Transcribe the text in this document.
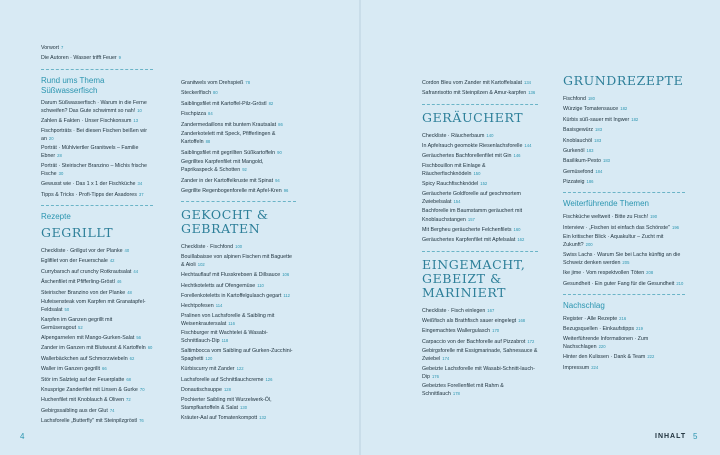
Vorwort 7
Die Autoren · Wasser trifft Feuer 9
Rund ums Thema Süßwasserfisch
Darum Süßwasserfisch · Warum in die Ferne schweifen? Das Gute schwimmt so nah! 10
Zahlen & Fakten · Unser Fischkonsum 13
Fischporträts · Bei diesen Fischen beißen wir an 20
Porträt · Mühlviertler Granitwels – Familie Ebner 28
Porträt · Steirischer Branzino – Michis frische Fische 30
Gewusst wie · Das 1 x 1 der Fischküche 34
Tipps & Tricks · Profi-Tipps der Asadores 37
Rezepte
GEGRILLT
Checkliste · Grillgut vor der Planke 40
Eglifilet von der Feuerschale 42
Currybarsch auf crunchy Rotkrautsalat 44
Äschenfilet mit Pfifferling-Gröstl 46
Steirischer Branzino von der Planke 48
Hufeisensteak vom Karpfen mit Granatapfel-Feldsalat 50
Karpfen im Ganzen gegrillt mit Gemüseragout 52
Alpengarnelen mit Mango-Gurken-Salat 56
Zander im Ganzen mit Blutwurst & Kartoffeln 60
Wallerbäckchen auf Schmorzwiebeln 62
Waller im Ganzen gegrillt 66
Stör im Salzteig auf der Feuerplatte 68
Knusprige Zanderfilet mit Linsen & Gurke 70
Huchenfilet mit Knoblauch & Oliven 72
Gebirgssaibling aus der Glut 74
Lachsforelle „Butterfly" mit Steinpilzgröstl 76
Granitwels vom Drehspieß 78
Steckerlfisch 80
Saiblingsfilet mit Kartoffel-Pilz-Gröstl 82
Fischpizza 84
Zandermedaillons mit buntem Krautsalat 86
Zanderkotelett mit Speck, Pfifferlingen & Kartoffeln 88
Saiblingsfilet mit gegrillten Süßkartoffeln 90
Gegrilltes Karpfenfilet mit Mangold, Paprikaspeck & Schotten 92
Zander in der Kartoffelkruste mit Spinat 94
Gegrillte Regenbogenforelle mit Apfel-Kren 96
GEKOCHT & GEBRATEN
Checkliste · Fischfond 100
Bouillabaisse von alpinen Fischen mit Baguette & Aioli 102
Hechtauflauf mit Flusskrebsen & Dillsauce 106
Hechtkoteletts auf Ofengemüse 110
Forellenkoteletts in Kartoffelgulasch gegart 112
Hechtpofesen 114
Pralinen von Lachsforelle & Saibling mit Weisenkrautersalat 116
Fischburger mit Wachtelei & Wasabi-Schnittlauch-Dip 118
Saltimbocca vom Saibling auf Gurken-Zucchini-Spaghetti 120
Kürbiscurry mit Zander 122
Lachsforelle auf Schnittlauchcreme 126
Donautischsuppe 128
Pochierter Saibling mit Wurzelwerk-Öl, Stampfkartoffeln & Salat 130
Kräuter-Aal auf Tomatenkompott 132
Cordon Bleu vom Zander mit Kartoffelsalat 134
Safranrisotto mit Steinpilzen & Amur-karpfen 136
GERÄUCHERT
Checkliste · Räucherbaum 140
In Apfelrauch geomokte Riesenlachsforelle 144
Geräuchertes Bachforellenfilet mit Gin 146
Fischbouillon mit Einlage & Räucherfischknödeln 150
Spicy Rauchfischknödel 152
Geräucherte Goldforelle auf geschmortem Zwiebelsalat 154
Bachforelle im Baumstamm geräuchert mit Knoblauchstangen 157
Mit Bergheu geräucherte Felchenfilets 160
Geräuchertes Karpfenfilet mit Apfelsalat 162
EINGEMACHT, GEBEIZT & MARINIERT
Checkliste · Fisch einlegen 167
Weißfisch als Brathfisch sauer eingelegt 168
Eingemachtes Wallergulasch 170
Carpaccio von der Bachforelle auf Pizzabrot 172
Gebirgsforelle mit Essigmarinade, Sahnesauce & Zwiebel 174
Gebeizte Lachsforelle mit Wasabi-Schnitt-lauch-Dip 176
Gebeiztes Forellenfilet mit Rahm & Schnittlauch 178
GRUNDREZEPTE
Fischfond 180
Würzige Tomatensauce 182
Kürbis süß-sauer mit Ingwer 182
Basisgewürz 183
Knoblauchöl 183
Gurkenöl 183
Basilikum-Pesto 183
Gemüsefond 184
Pizzateig 186
Weiterführende Themen
Fischküche weltweit · Bitte zu Fisch! 190
Interview · „Fischen ist einfach das Schönste" 196
Ein kritischer Blick · Aquakultur – Zucht mit Zukunft? 200
Swiss Lachs · Warum Sie bei Lachs künftig an die Schweiz denken werden 205
Ike jime · Vom respektvollen Töten 208
Gesundheit · Ein guter Fang für die Gesundheit 210
Nachschlag
Register · Alle Rezepte 216
Bezugsquellen · Einkaufstipps 219
Weiterführende Informationen · Zum Nachschlagen 220
Hinter den Kulissen · Dank & Team 222
Impressum 224
4	INHALT 5
